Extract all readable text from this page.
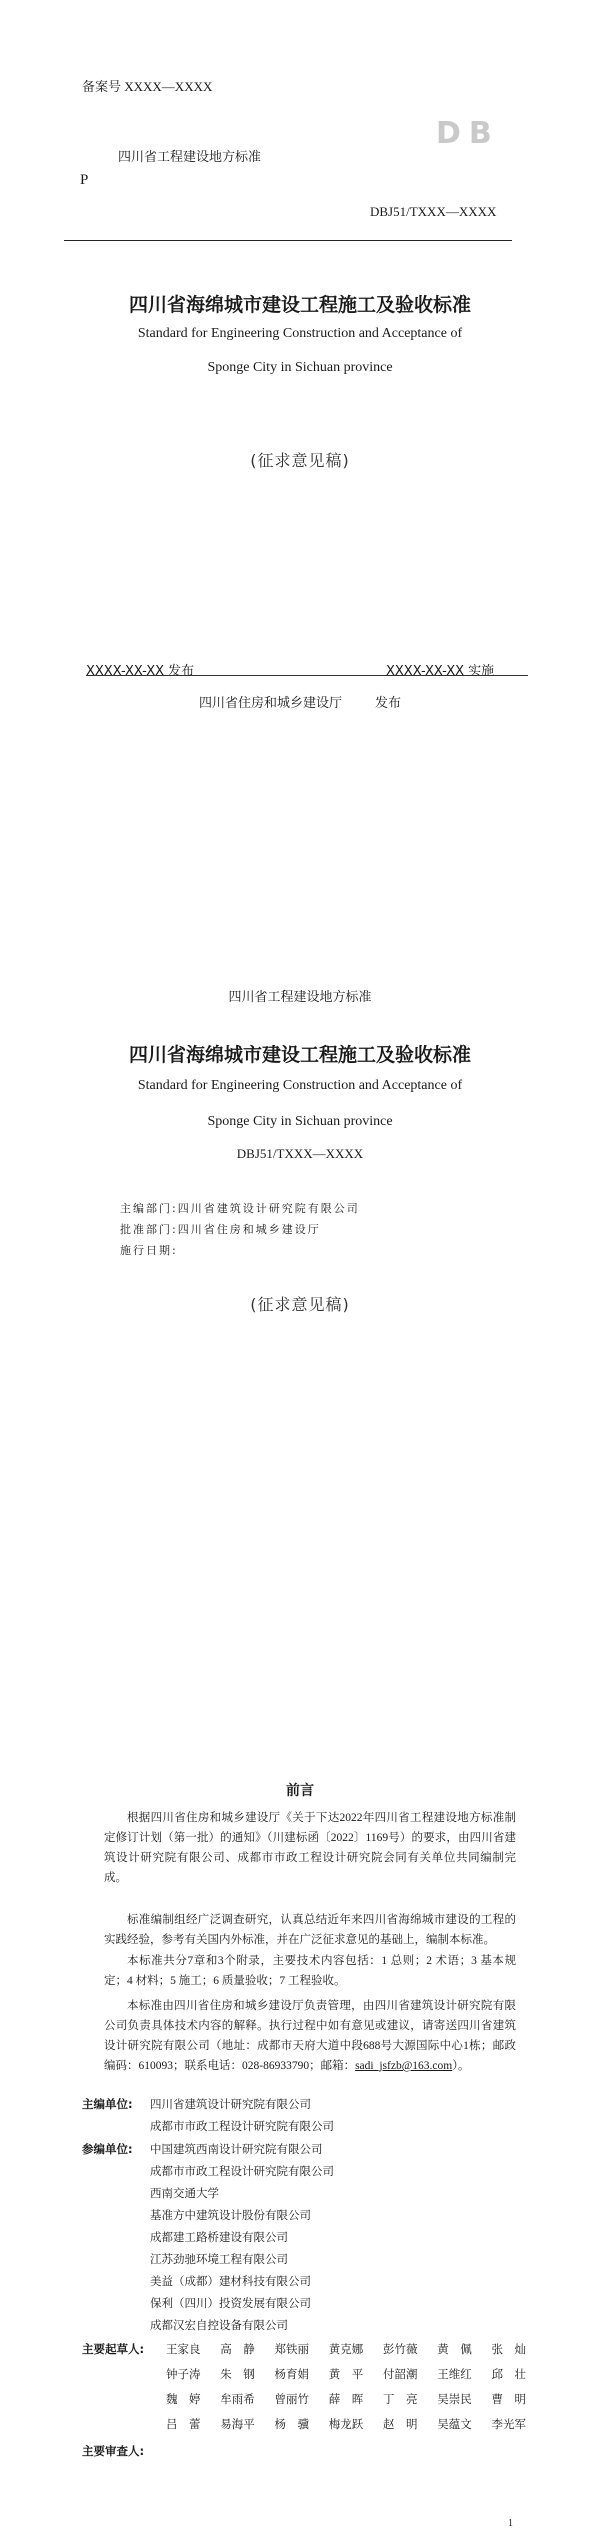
备案号 XXXX—XXXX
DB
四川省工程建设地方标准
P
DBJ51/TXXX—XXXX
四川省海绵城市建设工程施工及验收标准
Standard for Engineering Construction and Acceptance of
Sponge City in Sichuan province
(征求意见稿)
XXXX-XX-XX 发布	XXXX-XX-XX 实施
四川省住房和城乡建设厅        发布
四川省工程建设地方标准
四川省海绵城市建设工程施工及验收标准
Standard for Engineering Construction and Acceptance of
Sponge City in Sichuan province
DBJ51/TXXX—XXXX
主编部门:四川省建筑设计研究院有限公司
批准部门:四川省住房和城乡建设厅
施行日期:
(征求意见稿)
前言
根据四川省住房和城乡建设厅《关于下达2022年四川省工程建设地方标准制定修订计划（第一批）的通知》（川建标函〔2022〕1169号）的要求，由四川省建筑设计研究院有限公司、成都市市政工程设计研究院会同有关单位共同编制完成。
标准编制组经广泛调查研究，认真总结近年来四川省海绵城市建设的工程的实践经验，参考有关国内外标准，并在广泛征求意见的基础上，编制本标准。
本标准共分7章和3个附录，主要技术内容包括：1 总则；2 术语；3 基本规定；4 材料；5 施工；6 质量验收；7 工程验收。
本标准由四川省住房和城乡建设厅负责管理，由四川省建筑设计研究院有限公司负责具体技术内容的解释。执行过程中如有意见或建议，请寄送四川省建筑设计研究院有限公司（地址：成都市天府大道中段688号大源国际中心1栋；邮政编码：610093；联系电话：028-86933790；邮箱：sadi_jsfzb@163.com）。
主编单位: 四川省建筑设计研究院有限公司
成都市市政工程设计研究院有限公司
参编单位: 中国建筑西南设计研究院有限公司
成都市市政工程设计研究院有限公司
西南交通大学
基准方中建筑设计股份有限公司
成都建工路桥建设有限公司
江苏劲驰环境工程有限公司
美益（成都）建材科技有限公司
保利（四川）投资发展有限公司
成都汉宏自控设备有限公司
主要起草人: 王家良 高　静 郑铁丽 黄克娜 彭竹薇 黄　佩 张　灿
钟子涛 朱　钢 杨育娟 黄　平 付韶潮 王维红 邱　壮
魏　婷 牟雨希 曾丽竹 薛　晖 丁　亮 吴崇民 曹　明
吕　蕾 易海平 杨　骥 梅龙跃 赵　明 吴蕴文 李光军
主要审查人:
1
